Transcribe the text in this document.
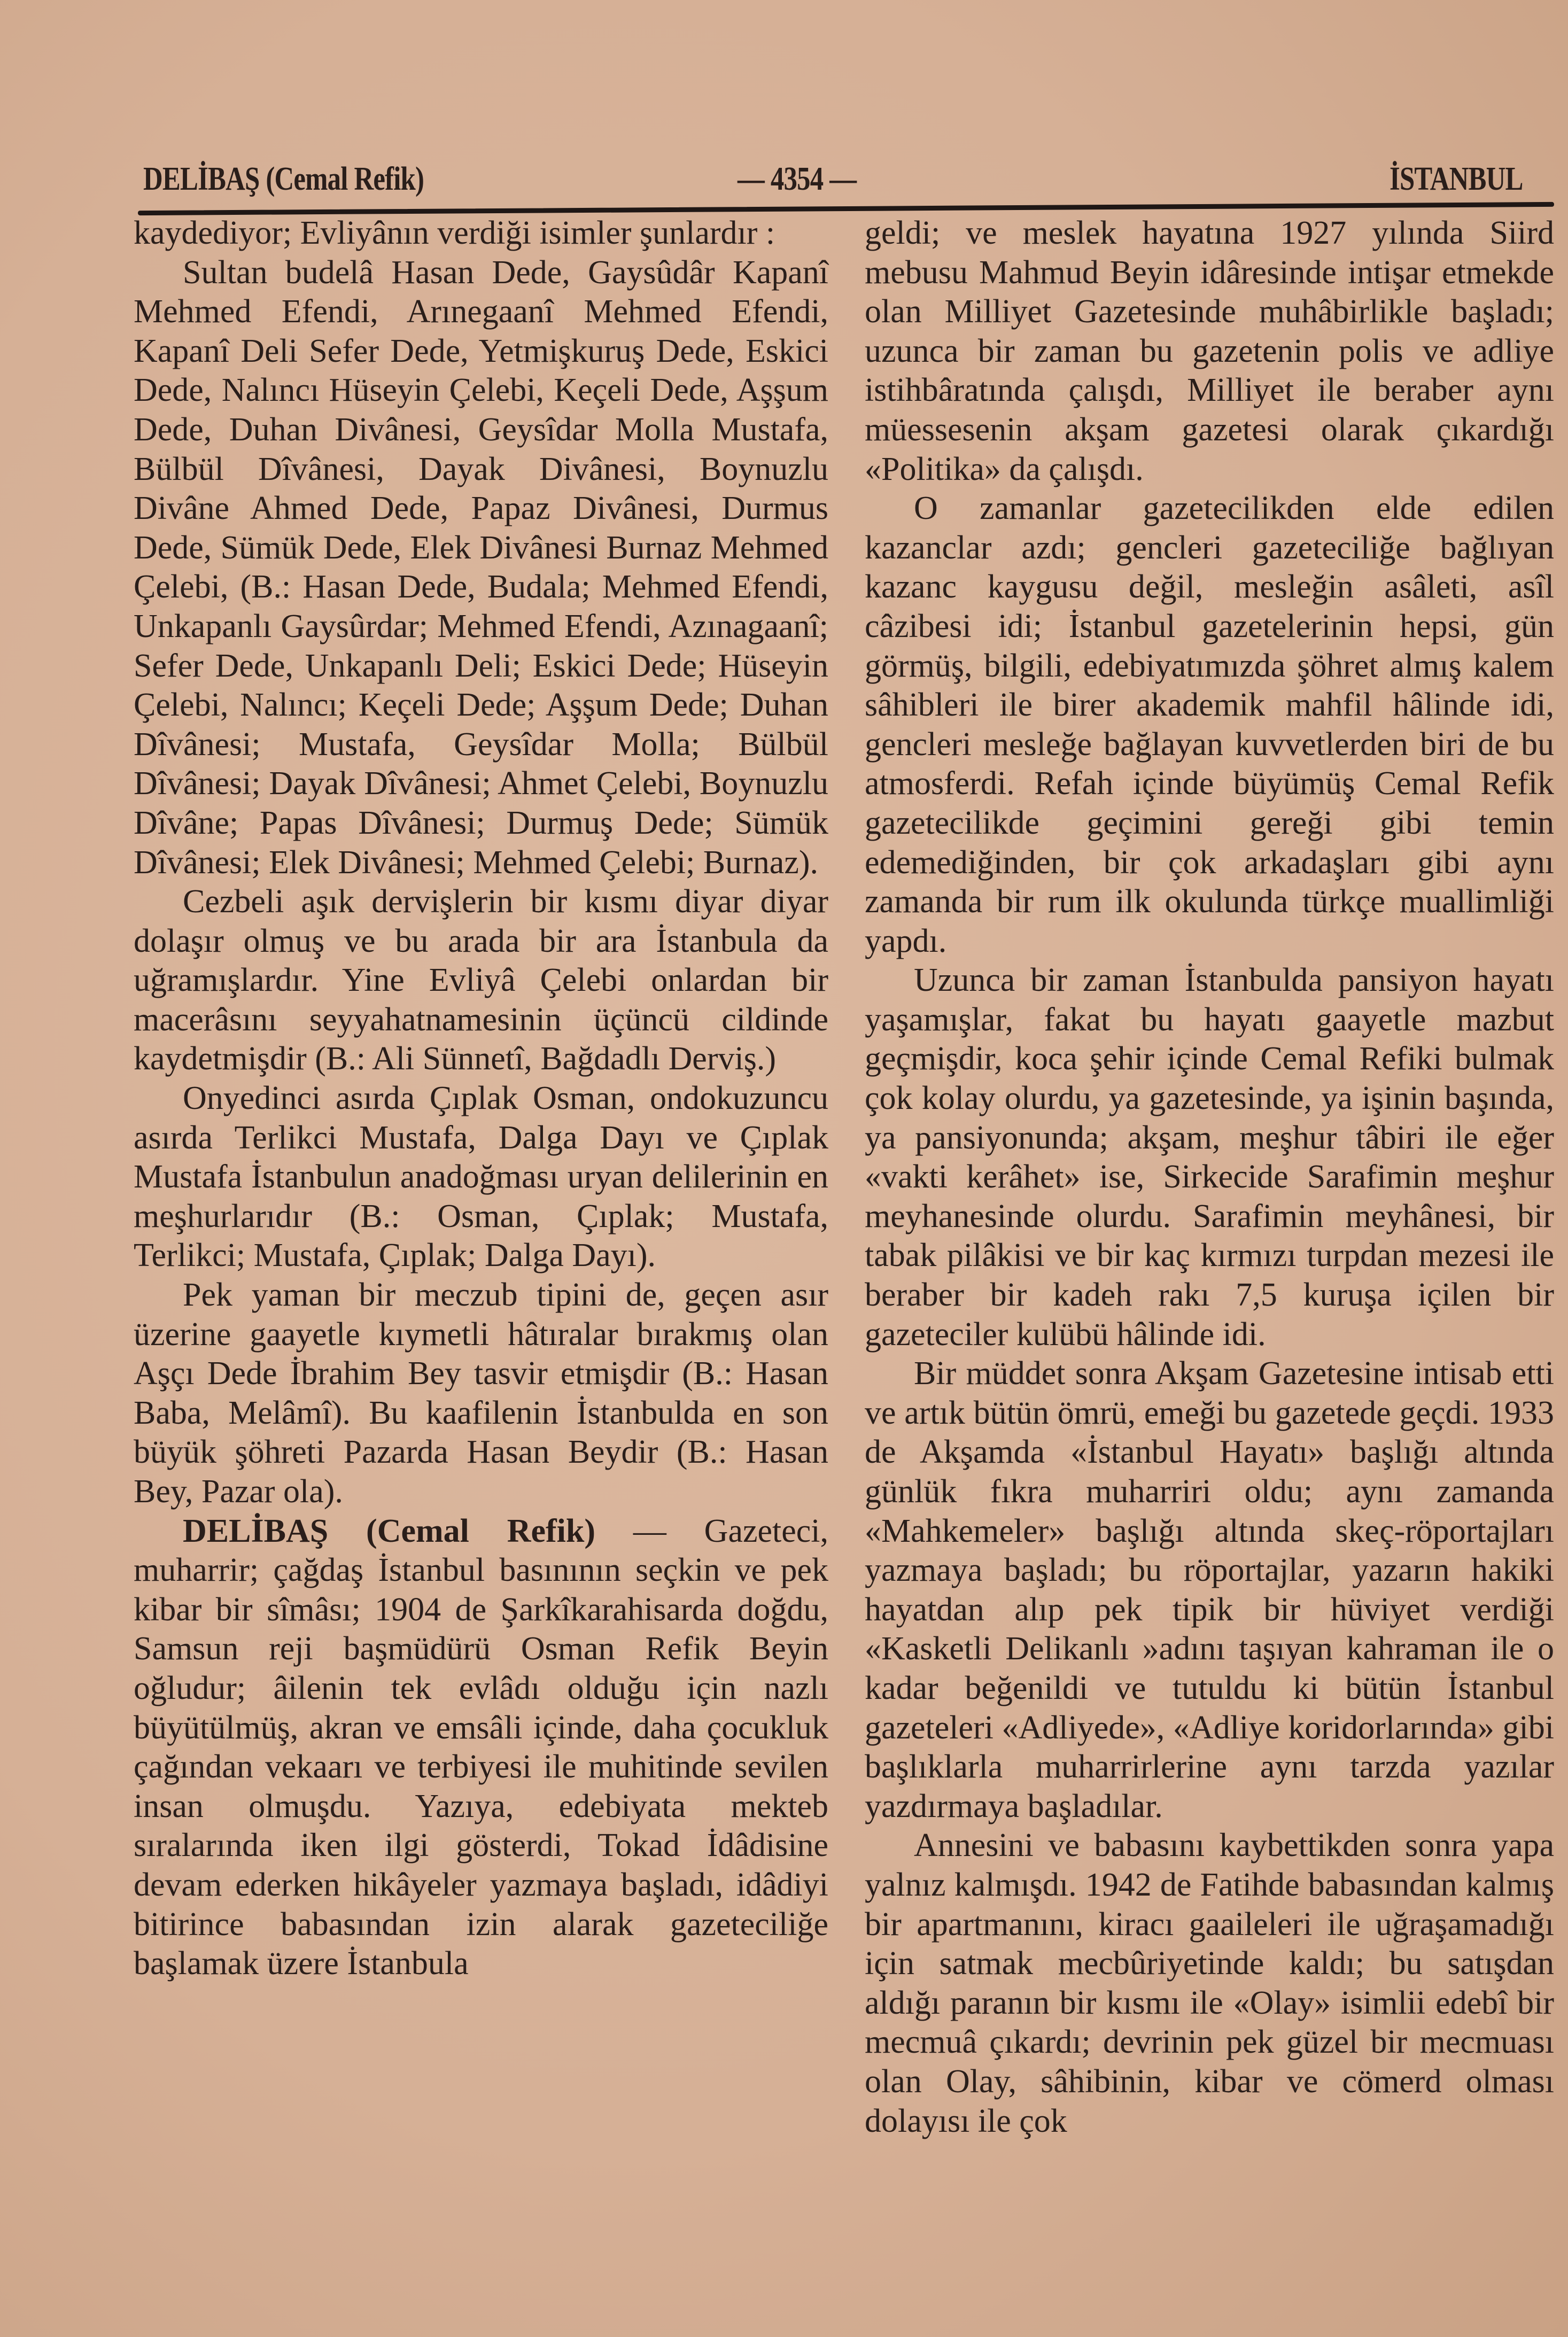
DELİBAŞ (Cemal Refik)	— 4354 —	İSTANBUL

kaydediyor; Evliyânın verdiği isimler şunlardır :

Sultan budelâ Hasan Dede, Gaysûdâr Kapanî Mehmed Efendi, Arınegaanî Mehmed Efendi, Kapanî Deli Sefer Dede, Yetmişkuruş Dede, Eskici Dede, Nalıncı Hüseyin Çelebi, Keçeli Dede, Aşşum Dede, Duhan Divânesi, Geysîdar Molla Mustafa, Bülbül Dîvânesi, Dayak Divânesi, Boynuzlu Divâne Ahmed Dede, Papaz Divânesi, Durmus Dede, Sümük Dede, Elek Divânesi Burnaz Mehmed Çelebi, (B.: Hasan Dede, Budala; Mehmed Efendi, Unkapanlı Gaysûrdar; Mehmed Efendi, Azınagaanî; Sefer Dede, Unkapanlı Deli; Eskici Dede; Hüseyin Çelebi, Nalıncı; Keçeli Dede; Aşşum Dede; Duhan Dîvânesi; Mustafa, Geysîdar Molla; Bülbül Dîvânesi; Dayak Dîvânesi; Ahmet Çelebi, Boynuzlu Dîvâne; Papas Dîvânesi; Durmuş Dede; Sümük Dîvânesi; Elek Divânesi; Mehmed Çelebi; Burnaz).

Cezbeli aşık dervişlerin bir kısmı diyar diyar dolaşır olmuş ve bu arada bir ara İstanbula da uğramışlardır. Yine Evliyâ Çelebi onlardan bir macerâsını seyyahatnamesinin üçüncü cildinde kaydetmişdir (B.: Ali Sünnetî, Bağdadlı Derviş.)

Onyedinci asırda Çıplak Osman, ondokuzuncu asırda Terlikci Mustafa, Dalga Dayı ve Çıplak Mustafa İstanbulun anadoğması uryan delilerinin en meşhurlarıdır (B.: Osman, Çıplak; Mustafa, Terlikci; Mustafa, Çıplak; Dalga Dayı).

Pek yaman bir meczub tipini de, geçen asır üzerine gaayetle kıymetli hâtıralar bırakmış olan Aşçı Dede İbrahim Bey tasvir etmişdir (B.: Hasan Baba, Melâmî). Bu kaafilenin İstanbulda en son büyük şöhreti Pazarda Hasan Beydir (B.: Hasan Bey, Pazar ola).

DELİBAŞ (Cemal Refik) — Gazeteci, muharrir; çağdaş İstanbul basınının seçkin ve pek kibar bir sîmâsı; 1904 de Şarkîkarahisarda doğdu, Samsun reji başmüdürü Osman Refik Beyin oğludur; âilenin tek evlâdı olduğu için nazlı büyütülmüş, akran ve emsâli içinde, daha çocukluk çağından vekaarı ve terbiyesi ile muhitinde sevilen insan olmuşdu. Yazıya, edebiyata mekteb sıralarında iken ilgi gösterdi, Tokad İdâdisine devam ederken hikâyeler yazmaya başladı, idâdiyi bitirince babasından izin alarak gazeteciliğe başlamak üzere İstanbula

geldi; ve meslek hayatına 1927 yılında Siird mebusu Mahmud Beyin idâresinde intişar etmekde olan Milliyet Gazetesinde muhâbirlikle başladı; uzunca bir zaman bu gazetenin polis ve adliye istihbâratında çalışdı, Milliyet ile beraber aynı müessesenin akşam gazetesi olarak çıkardığı «Politika» da çalışdı.

O zamanlar gazetecilikden elde edilen kazanclar azdı; gencleri gazeteciliğe bağlıyan kazanc kaygusu değil, mesleğin asâleti, asîl câzibesi idi; İstanbul gazetelerinin hepsi, gün görmüş, bilgili, edebiyatımızda şöhret almış kalem sâhibleri ile birer akademik mahfil hâlinde idi, gencleri mesleğe bağlayan kuvvetlerden biri de bu atmosferdi. Refah içinde büyümüş Cemal Refik gazetecilikde geçimini gereği gibi temin edemediğinden, bir çok arkadaşları gibi aynı zamanda bir rum ilk okulunda türkçe muallimliği yapdı.

Uzunca bir zaman İstanbulda pansiyon hayatı yaşamışlar, fakat bu hayatı gaayetle mazbut geçmişdir, koca şehir içinde Cemal Refiki bulmak çok kolay olurdu, ya gazetesinde, ya işinin başında, ya pansiyonunda; akşam, meşhur tâbiri ile eğer «vakti kerâhet» ise, Sirkecide Sarafimin meşhur meyhanesinde olurdu. Sarafimin meyhânesi, bir tabak pilâkisi ve bir kaç kırmızı turpdan mezesi ile beraber bir kadeh rakı 7,5 kuruşa içilen bir gazeteciler kulübü hâlinde idi.

Bir müddet sonra Akşam Gazetesine intisab etti ve artık bütün ömrü, emeği bu gazetede geçdi. 1933 de Akşamda «İstanbul Hayatı» başlığı altında günlük fıkra muharriri oldu; aynı zamanda «Mahkemeler» başlığı altında skeç-röportajları yazmaya başladı; bu röportajlar, yazarın hakiki hayatdan alıp pek tipik bir hüviyet verdiği «Kasketli Delikanlı »adını taşıyan kahraman ile o kadar beğenildi ve tutuldu ki bütün İstanbul gazeteleri «Adliyede», «Adliye koridorlarında» gibi başlıklarla muharrirlerine aynı tarzda yazılar yazdırmaya başladılar.

Annesini ve babasını kaybettikden sonra yapa yalnız kalmışdı. 1942 de Fatihde babasından kalmış bir apartmanını, kiracı gaaileleri ile uğraşamadığı için satmak mecbûriyetinde kaldı; bu satışdan aldığı paranın bir kısmı ile «Olay» isimlii edebî bir mecmuâ çıkardı; devrinin pek güzel bir mecmuası olan Olay, sâhibinin, kibar ve cömerd olması dolayısı ile çok
